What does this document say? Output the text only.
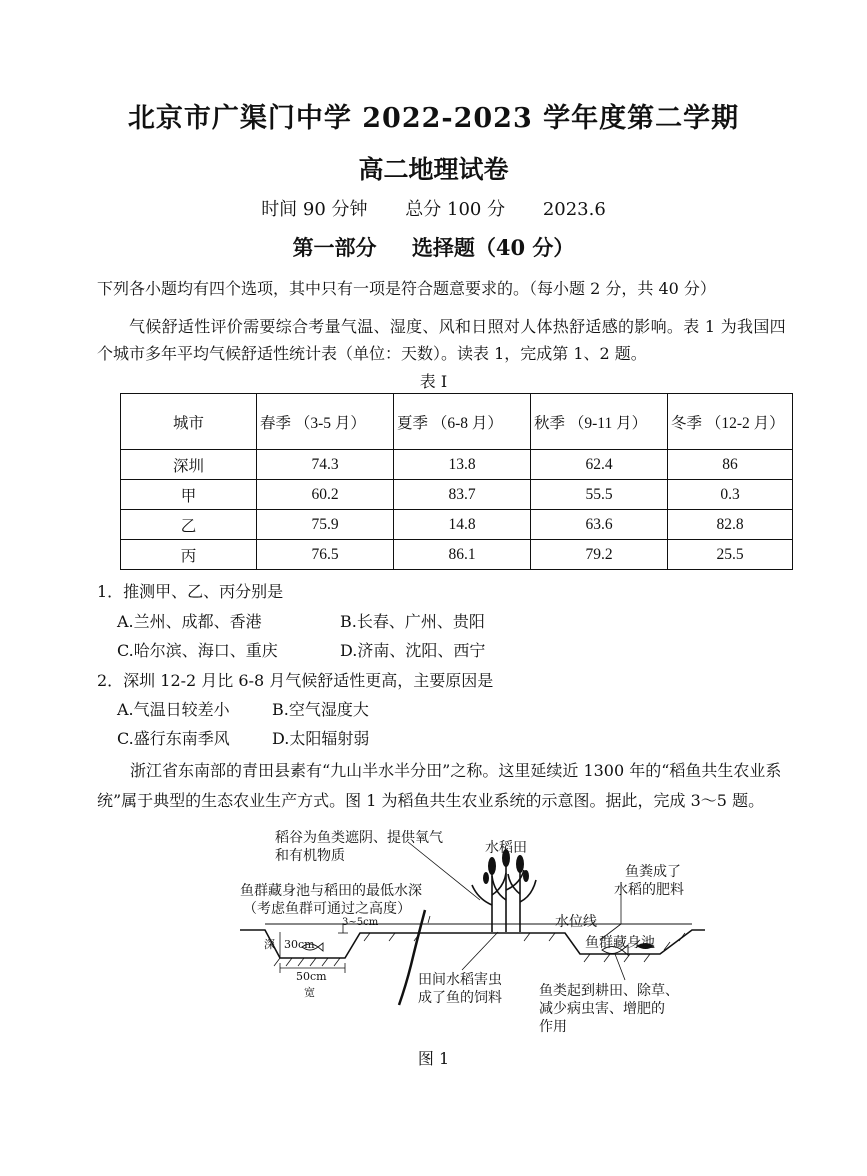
北京市广渠门中学 2022-2023 学年度第二学期
高二地理试卷
时间 90 分钟 总分 100 分 2023.6
第一部分 选择题（40 分）
下列各小题均有四个选项，其中只有一项是符合题意要求的。（每小题 2 分，共 40 分）
气候舒适性评价需要综合考量气温、湿度、风和日照对人体热舒适感的影响。表 1 为我国四
个城市多年平均气候舒适性统计表（单位：天数）。读表 1，完成第 1、2 题。
表 I
城市	春季 （3-5 月）	夏季 （6-8 月）	秋季 （9-11 月）	冬季 （12-2 月）
深圳	74.3	13.8	62.4	86
甲	60.2	83.7	55.5	0.3
乙	75.9	14.8	63.6	82.8
丙	76.5	86.1	79.2	25.5
1．推测甲、乙、丙分别是
A.兰州、成都、香港	B.长春、广州、贵阳
C.哈尔滨、海口、重庆	D.济南、沈阳、西宁
2．深圳 12-2 月比 6-8 月气候舒适性更高，主要原因是
A.气温日较差小	B.空气湿度大
C.盛行东南季风	D.太阳辐射弱
浙江省东南部的青田县素有“九山半水半分田”之称。这里延续近 1300 年的“稻鱼共生农业系
统”属于典型的生态农业生产方式。图 1 为稻鱼共生农业系统的示意图。据此，完成 3～5 题。
稻谷为鱼类遮阴、提供氧气
和有机物质	水稻田
鱼群藏身池与稻田的最低水深
（考虑鱼群可通过之高度）
鱼粪成了
水稻的肥料
水位线
鱼群藏身池
3~5cm
深 30cm
50cm
宽
田间水稻害虫
成了鱼的饲料	鱼类起到耕田、除草、
减少病虫害、增肥的
作用
图 1
